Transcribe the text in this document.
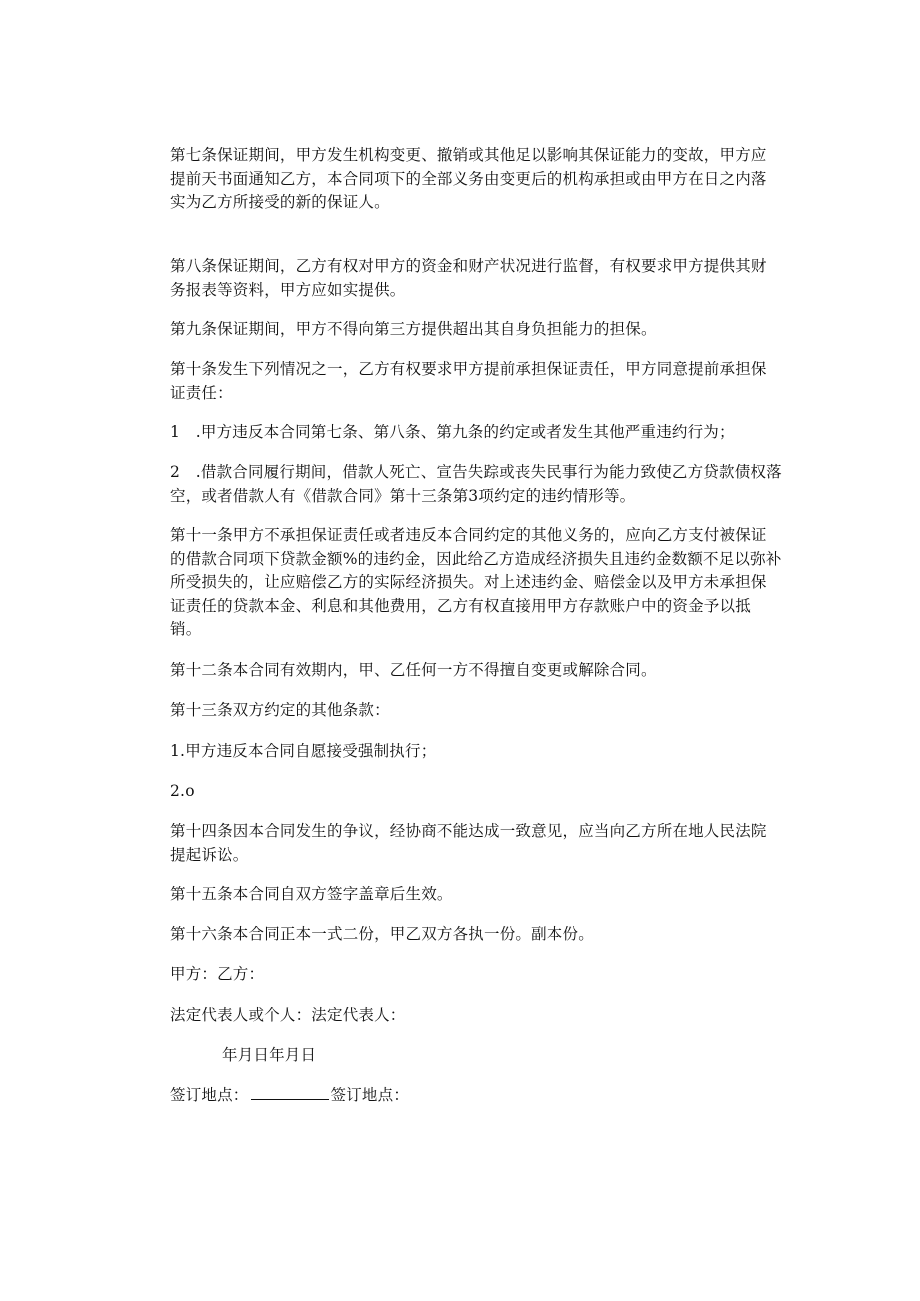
第七条保证期间，甲方发生机构变更、撤销或其他足以影响其保证能力的变故，甲方应提前天书面通知乙方，本合同项下的全部义务由变更后的机构承担或由甲方在日之内落实为乙方所接受的新的保证人。

第八条保证期间，乙方有权对甲方的资金和财产状况进行监督，有权要求甲方提供其财务报表等资料，甲方应如实提供。

第九条保证期间，甲方不得向第三方提供超出其自身负担能力的担保。

第十条发生下列情况之一，乙方有权要求甲方提前承担保证责任，甲方同意提前承担保证责任：

1　.甲方违反本合同第七条、第八条、第九条的约定或者发生其他严重违约行为；

2　.借款合同履行期间，借款人死亡、宣告失踪或丧失民事行为能力致使乙方贷款债权落空，或者借款人有《借款合同》第十三条第3项约定的违约情形等。

第十一条甲方不承担保证责任或者违反本合同约定的其他义务的，应向乙方支付被保证的借款合同项下贷款金额%的违约金，因此给乙方造成经济损失且违约金数额不足以弥补所受损失的，让应赔偿乙方的实际经济损失。对上述违约金、赔偿金以及甲方未承担保证责任的贷款本金、利息和其他费用，乙方有权直接用甲方存款账户中的资金予以抵销。

第十二条本合同有效期内，甲、乙任何一方不得擅自变更或解除合同。

第十三条双方约定的其他条款：

1.甲方违反本合同自愿接受强制执行；

2.o

第十四条因本合同发生的争议，经协商不能达成一致意见，应当向乙方所在地人民法院提起诉讼。

第十五条本合同自双方签字盖章后生效。

第十六条本合同正本一式二份，甲乙双方各执一份。副本份。

甲方：乙方：

法定代表人或个人：法定代表人：

年月日年月日

签订地点：	签订地点：
